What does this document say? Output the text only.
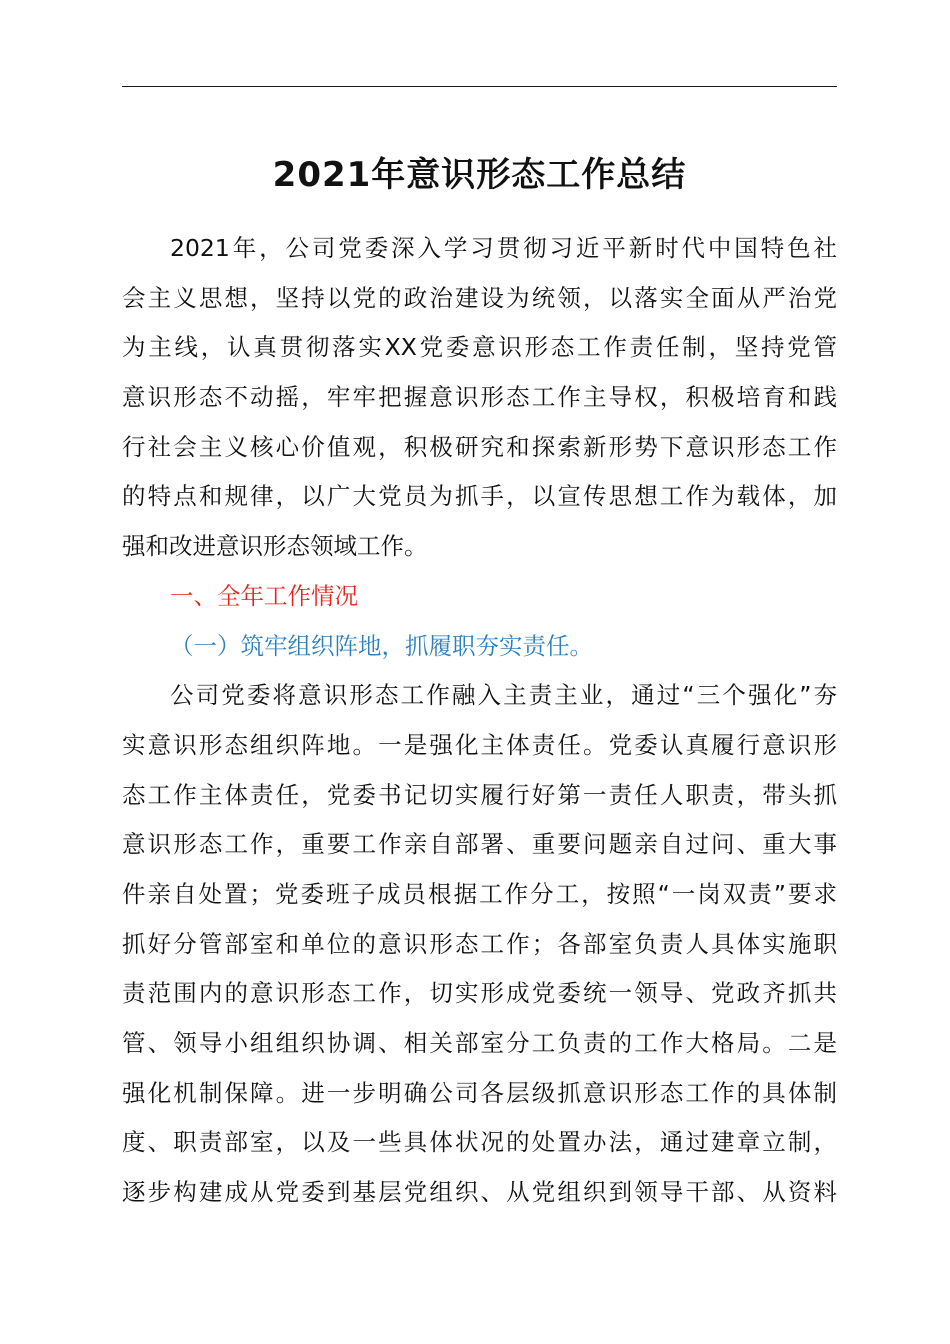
2021年意识形态工作总结
2021年，公司党委深入学习贯彻习近平新时代中国特色社
会主义思想，坚持以党的政治建设为统领，以落实全面从严治党
为主线，认真贯彻落实XX党委意识形态工作责任制，坚持党管
意识形态不动摇，牢牢把握意识形态工作主导权，积极培育和践
行社会主义核心价值观，积极研究和探索新形势下意识形态工作
的特点和规律，以广大党员为抓手，以宣传思想工作为载体，加
强和改进意识形态领域工作。
一、全年工作情况
（一）筑牢组织阵地，抓履职夯实责任。
公司党委将意识形态工作融入主责主业，通过“三个强化”夯
实意识形态组织阵地。一是强化主体责任。党委认真履行意识形
态工作主体责任，党委书记切实履行好第一责任人职责，带头抓
意识形态工作，重要工作亲自部署、重要问题亲自过问、重大事
件亲自处置；党委班子成员根据工作分工，按照“一岗双责”要求
抓好分管部室和单位的意识形态工作；各部室负责人具体实施职
责范围内的意识形态工作，切实形成党委统一领导、党政齐抓共
管、领导小组组织协调、相关部室分工负责的工作大格局。二是
强化机制保障。进一步明确公司各层级抓意识形态工作的具体制
度、职责部室，以及一些具体状况的处置办法，通过建章立制，
逐步构建成从党委到基层党组织、从党组织到领导干部、从资料
